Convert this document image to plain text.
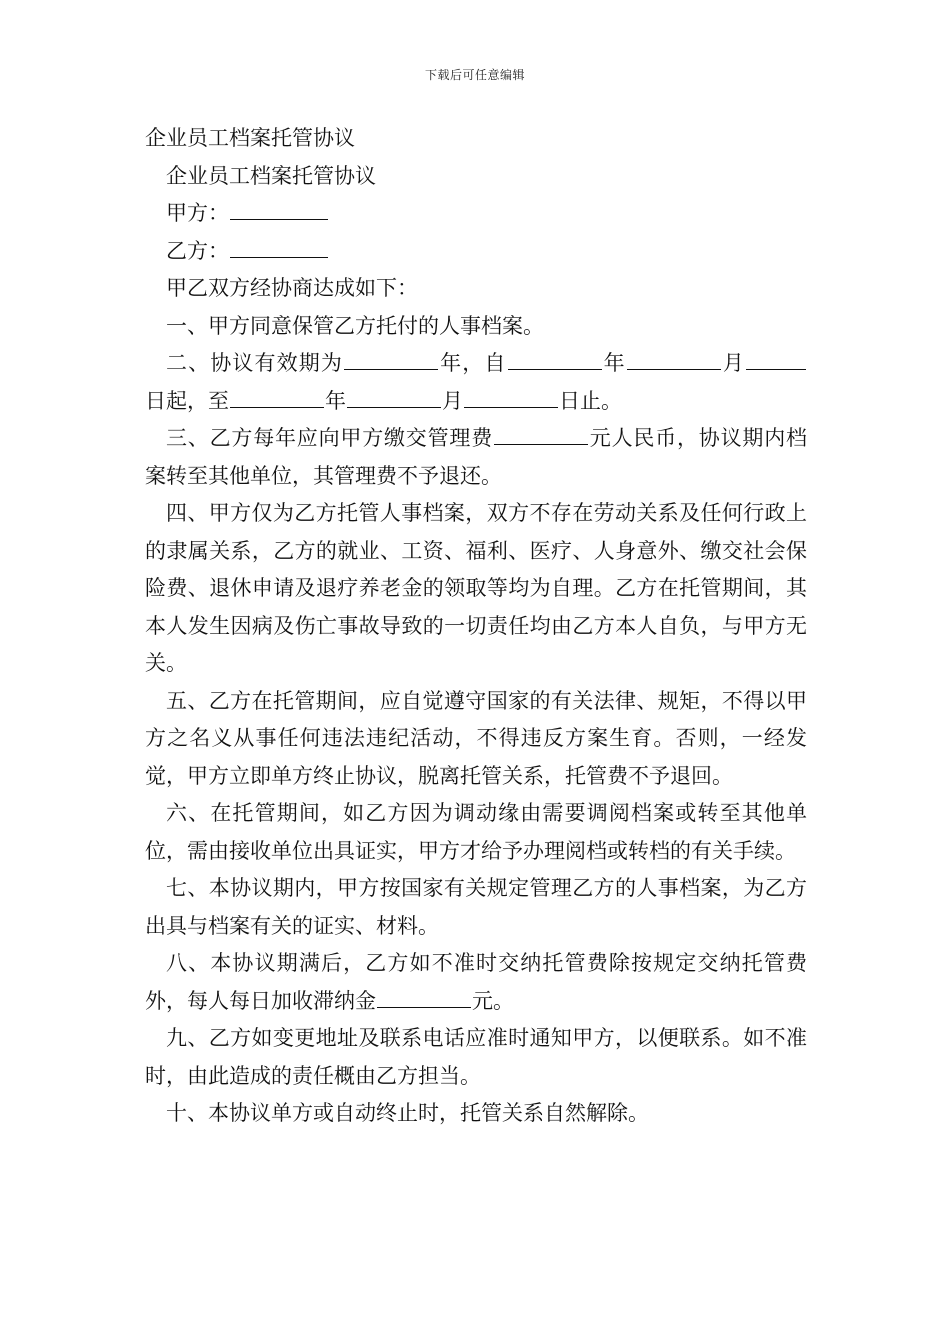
下载后可任意编辑

企业员工档案托管协议

企业员工档案托管协议

甲方：

乙方：

甲乙双方经协商达成如下：

一、甲方同意保管乙方托付的人事档案。

二、协议有效期为	年，自	年	月日起，至	年	月	日止。

三、乙方每年应向甲方缴交管理费	元人民币，协议期内档案转至其他单位，其管理费不予退还。

四、甲方仅为乙方托管人事档案，双方不存在劳动关系及任何行政上的隶属关系，乙方的就业、工资、福利、医疗、人身意外、缴交社会保险费、退休申请及退疗养老金的领取等均为自理。乙方在托管期间，其本人发生因病及伤亡事故导致的一切责任均由乙方本人自负，与甲方无关。

五、乙方在托管期间，应自觉遵守国家的有关法律、规矩，不得以甲方之名义从事任何违法违纪活动，不得违反方案生育。否则，一经发觉，甲方立即单方终止协议，脱离托管关系，托管费不予退回。

六、在托管期间，如乙方因为调动缘由需要调阅档案或转至其他单位，需由接收单位出具证实，甲方才给予办理阅档或转档的有关手续。

七、本协议期内，甲方按国家有关规定管理乙方的人事档案，为乙方出具与档案有关的证实、材料。

八、本协议期满后，乙方如不准时交纳托管费除按规定交纳托管费外，每人每日加收滞纳金	元。

九、乙方如变更地址及联系电话应准时通知甲方，以便联系。如不准时，由此造成的责任概由乙方担当。

十、本协议单方或自动终止时，托管关系自然解除。
